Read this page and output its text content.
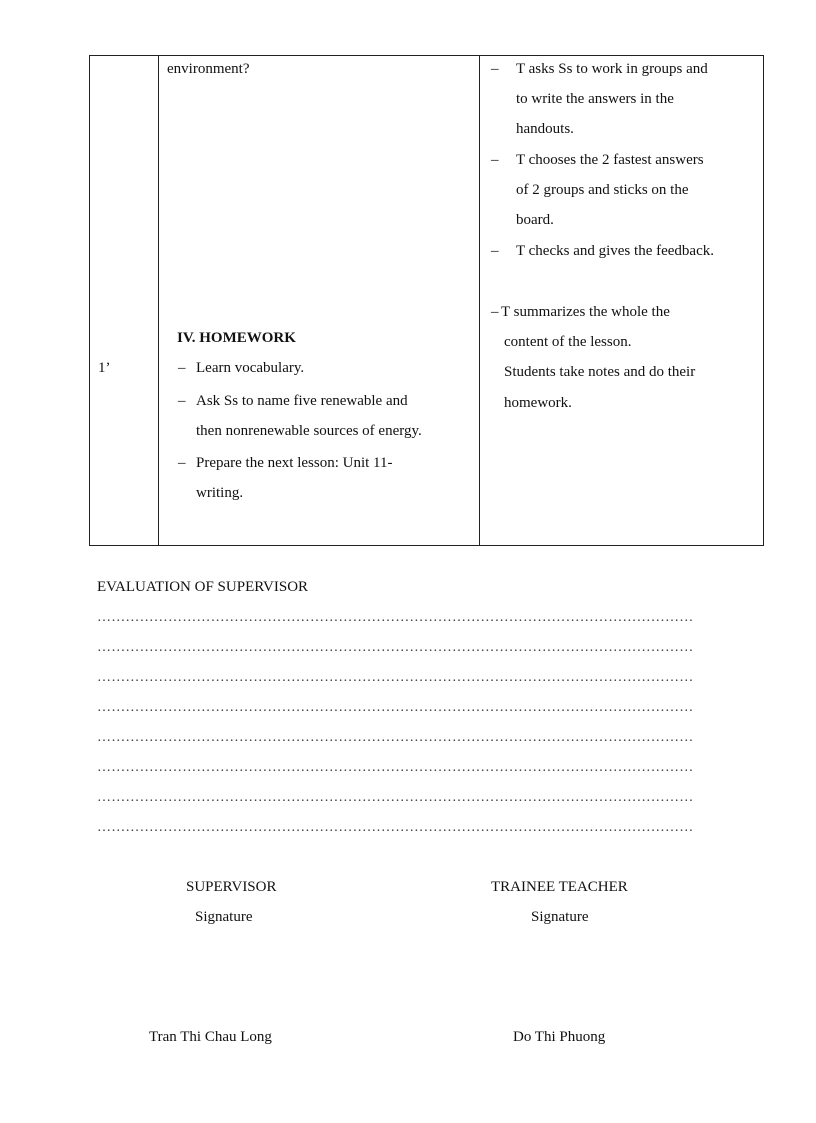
1’
environment?
IV. HOMEWORK
– Learn vocabulary.
– Ask Ss to name five renewable and
then nonrenewable sources of energy.
– Prepare the next lesson: Unit 11-
writing.
– T asks Ss to work in groups and
to write the answers in the
handouts.
– T chooses the 2 fastest answers
of 2 groups and sticks on the
board.
– T checks and gives the feedback.
– T summarizes the whole the
content of the lesson.
Students take notes and do their
homework.
EVALUATION OF SUPERVISOR
………………………………………………………………………………………………………………
………………………………………………………………………………………………………………
………………………………………………………………………………………………………………
………………………………………………………………………………………………………………
………………………………………………………………………………………………………………
………………………………………………………………………………………………………………
………………………………………………………………………………………………………………
………………………………………………………………………………………………………………
SUPERVISOR
Signature
Tran Thi Chau Long
TRAINEE TEACHER
Signature
Do Thi Phuong
